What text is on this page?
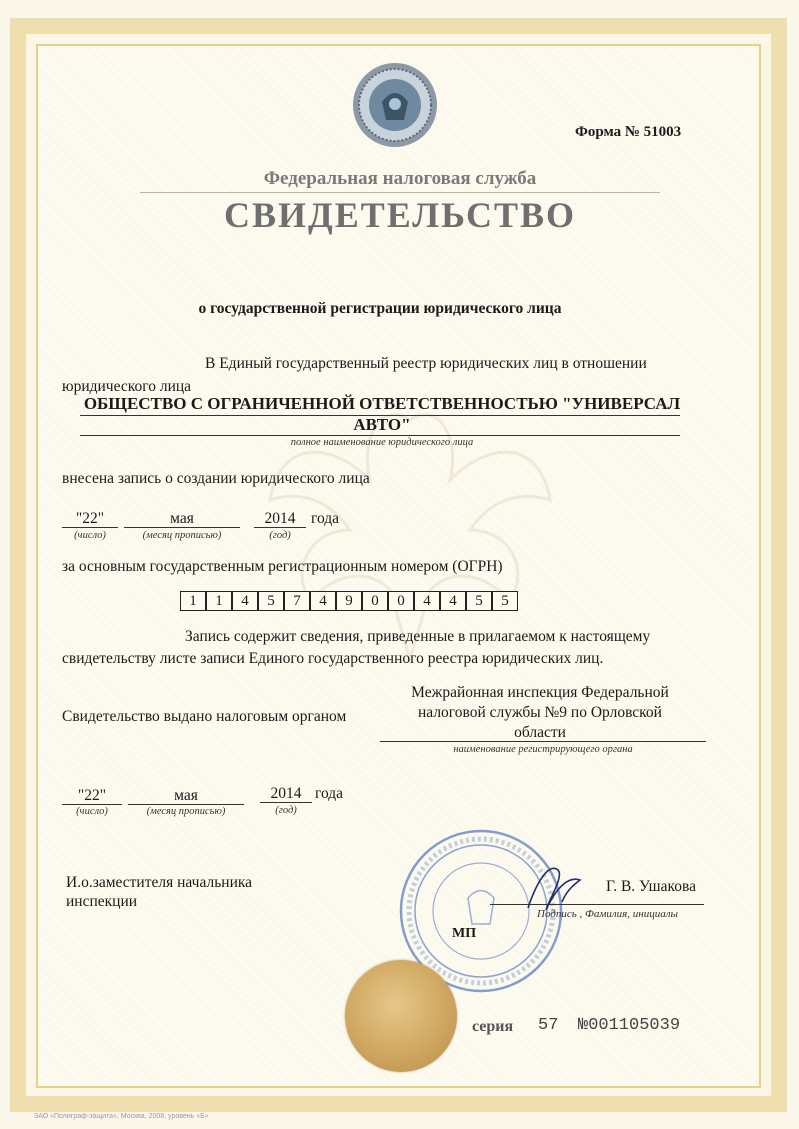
Форма № 51003
Федеральная налоговая служба
СВИДЕТЕЛЬСТВО
о государственной регистрации юридического лица
В Единый государственный реестр юридических лиц в отношении
юридического лица
ОБЩЕСТВО С ОГРАНИЧЕННОЙ ОТВЕТСТВЕННОСТЬЮ "УНИВЕРСАЛ
АВТО"
полное наименование юридического лица
внесена запись о создании юридического лица
"22"
(число)
мая
(месяц прописью)
2014
(год)
года
за основным государственным регистрационным номером (ОГРН)
1	1	4	5	7	4	9	0	0	4	4	5	5
Запись содержит сведения, приведенные в прилагаемом к настоящему
свидетельству листе записи Единого государственного реестра юридических лиц.
Свидетельство выдано налоговым органом
Межрайонная инспекция Федеральной
налоговой службы №9 по Орловской
области
наименование регистрирующего органа
"22"
(число)
мая
(месяц прописью)
2014
(год)
года
И.о.заместителя начальника
инспекции
Г. В. Ушакова
Подпись , Фамилия, инициалы
МП
серия 57 №001105039
ЗАО «Полиграф-защита», Москва, 2008, уровень «Б»
